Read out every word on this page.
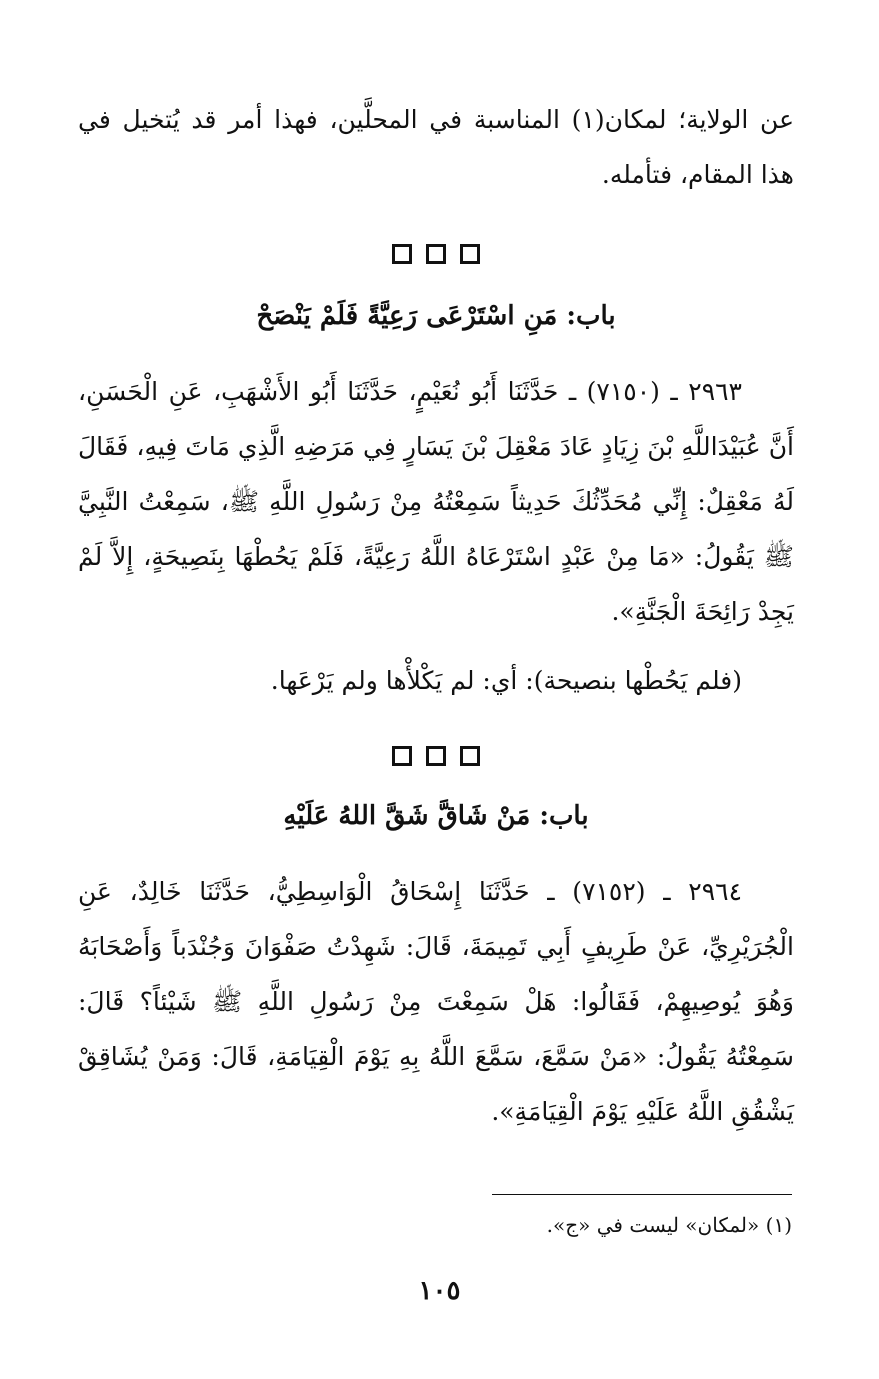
عن الولاية؛ لمكان(١) المناسبة في المحلَّين، فهذا أمر قد يُتخيل في هذا المقام، فتأمله.

باب: مَنِ اسْتَرْعَى رَعِيَّةً فَلَمْ يَنْصَحْ

٢٩٦٣ ـ (٧١٥٠) ـ حَدَّثَنَا أَبُو نُعَيْمٍ، حَدَّثَنَا أَبُو الأَشْهَبِ، عَنِ الْحَسَنِ، أَنَّ عُبَيْدَاللَّهِ بْنَ زِيَادٍ عَادَ مَعْقِلَ بْنَ يَسَارٍ فِي مَرَضِهِ الَّذِي مَاتَ فِيهِ، فَقَالَ لَهُ مَعْقِلٌ: إِنِّي مُحَدِّثُكَ حَدِيثاً سَمِعْتُهُ مِنْ رَسُولِ اللَّهِ ﷺ، سَمِعْتُ النَّبِيَّ ﷺ يَقُولُ: «مَا مِنْ عَبْدٍ اسْتَرْعَاهُ اللَّهُ رَعِيَّةً، فَلَمْ يَحُطْهَا بِنَصِيحَةٍ، إِلاَّ لَمْ يَجِدْ رَائِحَةَ الْجَنَّةِ».

(فلم يَحُطْها بنصيحة): أي: لم يَكْلأْها ولم يَرْعَها.

باب: مَنْ شَاقَّ شَقَّ اللهُ عَلَيْهِ

٢٩٦٤ ـ (٧١٥٢) ـ حَدَّثَنَا إِسْحَاقُ الْوَاسِطِيُّ، حَدَّثَنَا خَالِدٌ، عَنِ الْجُرَيْرِيِّ، عَنْ طَرِيفٍ أَبِي تَمِيمَةَ، قَالَ: شَهِدْتُ صَفْوَانَ وَجُنْدَباً وَأَصْحَابَهُ وَهُوَ يُوصِيهِمْ، فَقَالُوا: هَلْ سَمِعْتَ مِنْ رَسُولِ اللَّهِ ﷺ شَيْئاً؟ قَالَ: سَمِعْتُهُ يَقُولُ: «مَنْ سَمَّعَ، سَمَّعَ اللَّهُ بِهِ يَوْمَ الْقِيَامَةِ، قَالَ: وَمَنْ يُشَاقِقْ يَشْقُقِ اللَّهُ عَلَيْهِ يَوْمَ الْقِيَامَةِ».

(١) «لمكان» ليست في «ج».
١٠٥
